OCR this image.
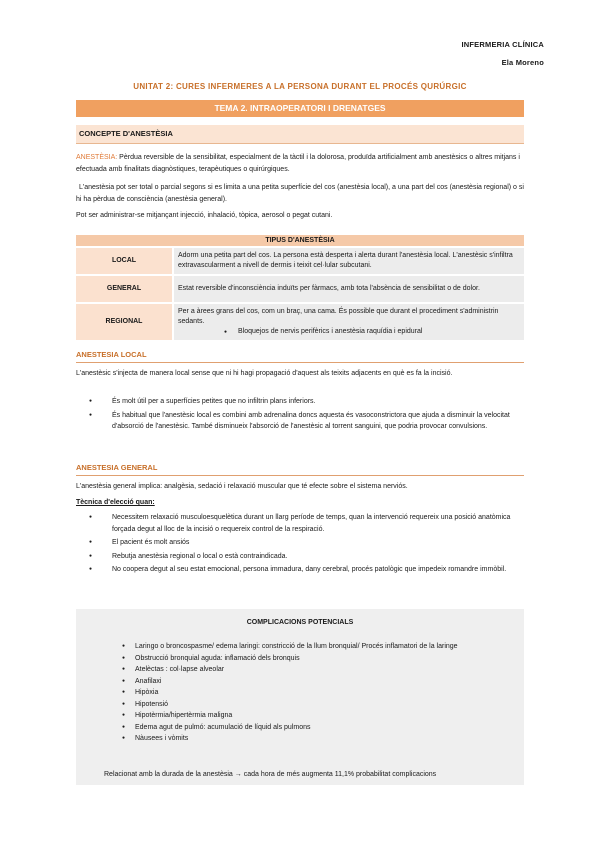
INFERMERIA CLÍNICA
Ela Moreno
UNITAT 2: CURES INFERMERES A LA PERSONA DURANT EL PROCÉS QURÚRGIC
TEMA 2. INTRAOPERATORI I DRENATGES
CONCEPTE D'ANESTÈSIA

ANESTÈSIA: Pèrdua reversible de la sensibilitat, especialment de la tàctil i la dolorosa, produïda artificialment amb anestèsics o altres mitjans i efectuada amb finalitats diagnòstiques, terapèutiques o quirúrgiques.

L'anestèsia pot ser total o parcial segons si es limita a una petita superfície del cos (anestèsia local), a una part del cos (anestèsia regional) o si hi ha pèrdua de consciència (anestèsia general).

Pot ser administrar-se mitjançant injecció, inhalació, tòpica, aerosol o pegat cutani.

TIPUS D'ANESTÈSIA	
LOCAL	Adorm una petita part del cos. La persona està desperta i alerta durant l'anestèsia local. L'anestèsic s'infiltra extravascularment a nivell de dermis i teixit cel·lular subcutani.
GENERAL	Estat reversible d'inconsciència induïts per fàrmacs, amb tota l'absència de sensibilitat o de dolor.
REGIONAL	Per a àrees grans del cos, com un braç, una cama. És possible que durant el procediment s'administrin sedants.
● Bloquejos de nervis perifèrics i anestèsia raquídia i epidural
ANESTESIA LOCAL

L'anestèsic s'injecta de manera local sense que ni hi hagi propagació d'aquest als teixits adjacents en què es fa la incisió.

● És molt útil per a superfícies petites que no infiltrin plans inferiors.
● És habitual que l'anestèsic local es combini amb adrenalina doncs aquesta és vasoconstrictora que ajuda a disminuir la velocitat d'absorció de l'anestèsic. També disminueix l'absorció de l'anestèsic al torrent sanguini, que podria provocar convulsions.
ANESTESIA GENERAL

L'anestèsia general implica: analgèsia, sedació i relaxació muscular que té efecte sobre el sistema nerviós.

Tècnica d'elecció quan:

● Necessitem relaxació musculoesquelètica durant un llarg període de temps, quan la intervenció requereix una posició anatòmica forçada degut al lloc de la incisió o requereix control de la respiració.
● El pacient és molt ansiós
● Rebutja anestèsia regional o local o està contraindicada.
● No coopera degut al seu estat emocional, persona immadura, dany cerebral, procés patològic que impedeix romandre immòbil.
COMPLICACIONS POTENCIALS
● Laringo o broncospasme/ edema laringi: constricció de la llum bronquial/ Procés inflamatori de la laringe
● Obstrucció bronquial aguda: inflamació dels bronquis
● Atelèctas : col·lapse alveolar
● Anafilaxi
● Hipòxia
● Hipotensió
● Hipotèrmia/hipertèrmia maligna
● Edema agut de pulmó: acumulació de líquid als pulmons
● Nàusees i vòmits
Relacionat amb la durada de la anestèsia → cada hora de més augmenta 11,1% probabilitat complicacions
